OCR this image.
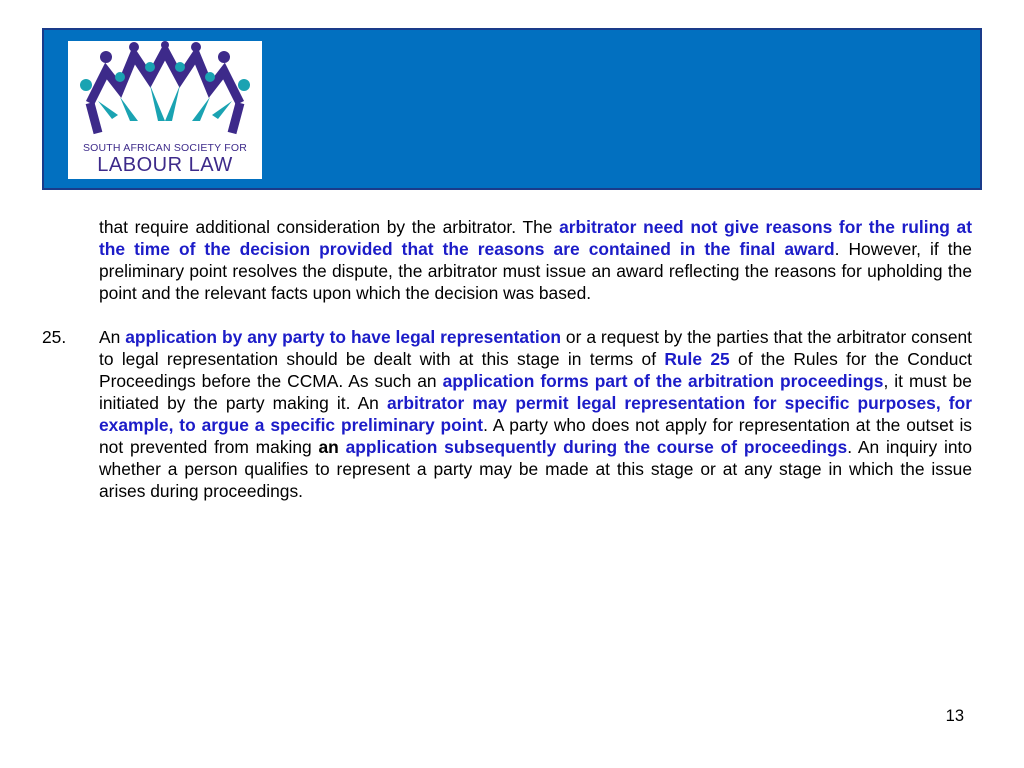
SOUTH AFRICAN SOCIETY FOR
LABOUR LAW
that require additional consideration by the arbitrator. The arbitrator need not give reasons for the ruling at the time of the decision provided that the reasons are contained in the final award. However, if the preliminary point resolves the dispute, the arbitrator must issue an award reflecting the reasons for upholding the point and the relevant facts upon which the decision was based.
25. An application by any party to have legal representation or a request by the parties that the arbitrator consent to legal representation should be dealt with at this stage in terms of Rule 25 of the Rules for the Conduct Proceedings before the CCMA. As such an application forms part of the arbitration proceedings, it must be initiated by the party making it. An arbitrator may permit legal representation for specific purposes, for example, to argue a specific preliminary point. A party who does not apply for representation at the outset is not prevented from making an application subsequently during the course of proceedings. An inquiry into whether a person qualifies to represent a party may be made at this stage or at any stage in which the issue arises during proceedings.
13
